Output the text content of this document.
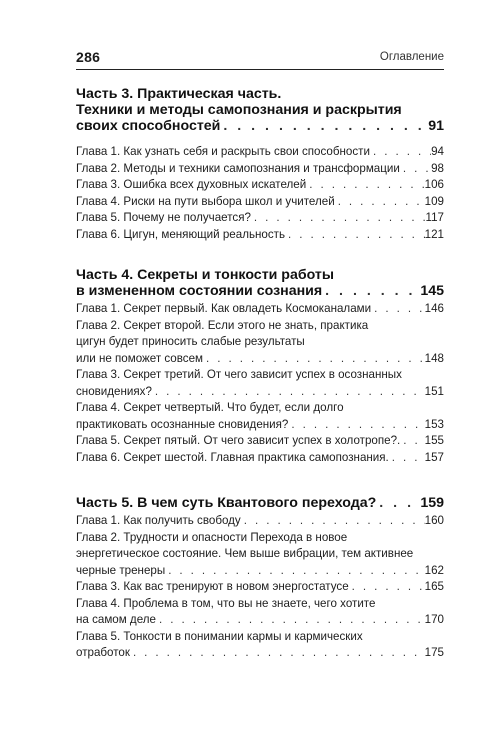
286	Оглавление
Часть 3. Практическая часть.
Техники и методы самопознания и раскрытия
своих способностей . . .	91
Глава 1. Как узнать себя и раскрыть свои способности . . .	94
Глава 2. Методы и техники самопознания и трансформации . . .	98
Глава 3. Ошибка всех духовных искателей . . .	106
Глава 4. Риски на пути выбора школ и учителей . . .	109
Глава 5. Почему не получается? . . .	117
Глава 6. Цигун, меняющий реальность . . .	121
Часть 4. Секреты и тонкости работы
в измененном состоянии сознания . . .	145
Глава 1. Секрет первый. Как овладеть Космоканалами . . .	146
Глава 2. Секрет второй. Если этого не знать, практика
цигун будет приносить слабые результаты
или не поможет совсем . . .	148
Глава 3. Секрет третий. От чего зависит успех в осознанных
сновидениях? . . .	151
Глава 4. Секрет четвертый. Что будет, если долго
практиковать осознанные сновидения? . . .	153
Глава 5. Секрет пятый. От чего зависит успех в холотропе?. . . . 155
Глава 6. Секрет шестой. Главная практика самопознания. . . .	157
Часть 5. В чем суть Квантового перехода? . . .	159
Глава 1. Как получить свободу . . .	160
Глава 2. Трудности и опасности Перехода в новое
энергетическое состояние. Чем выше вибрации, тем активнее
черные тренеры . . .	162
Глава 3. Как вас тренируют в новом энергостатусе . . .	165
Глава 4. Проблема в том, что вы не знаете, чего хотите
на самом деле . . .	170
Глава 5. Тонкости в понимании кармы и кармических
отработок . . .	175
